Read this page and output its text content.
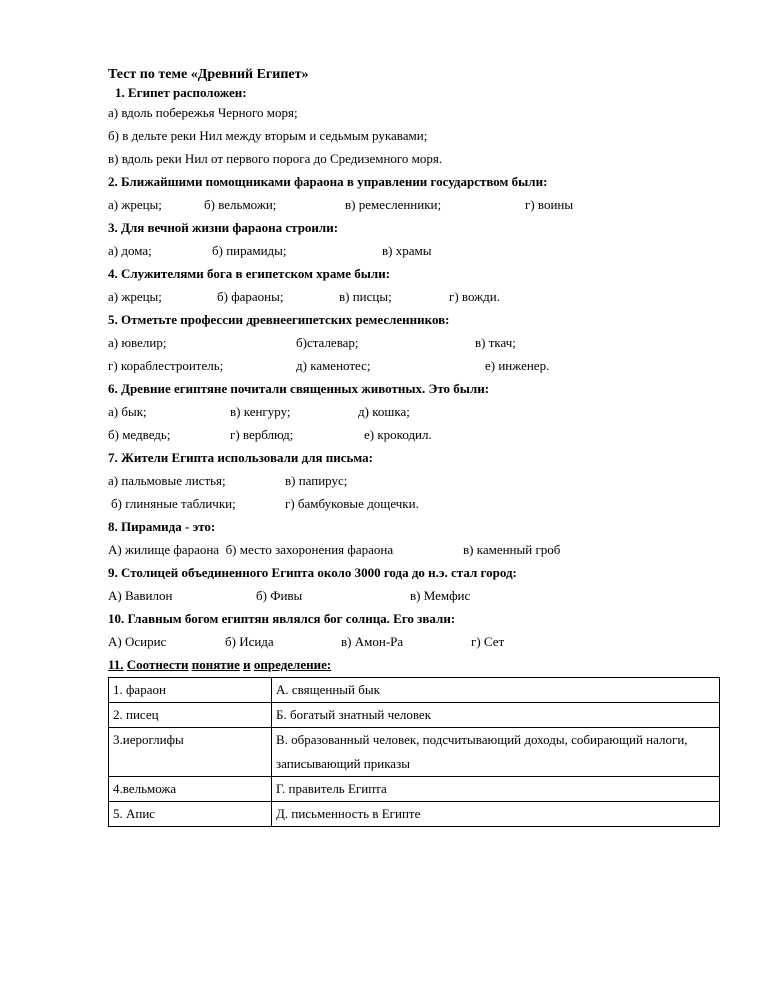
Тест по теме «Древний Египет»
1. Египет расположен:
а) вдоль побережья Черного моря;
б) в дельте реки Нил между вторым и седьмым рукавами;
в) вдоль реки Нил от первого порога до Средиземного моря.
2. Ближайшими помощниками фараона в управлении государством были:
а) жрецы;	б) вельможи;	в) ремесленники;	г) воины
3. Для вечной жизни фараона строили:
а) дома;	б) пирамиды;	в) храмы
4. Служителями бога в египетском храме были:
а) жрецы;	б) фараоны;	в) писцы;	г) вожди.
5. Отметьте профессии древнеегипетских ремесленников:
а) ювелир;	б)сталевар;	в) ткач;
г) кораблестроитель;	д) каменотес;	е) инженер.
6. Древние египтяне почитали священных животных. Это были:
а) бык;	в) кенгуру;	д) кошка;
б) медведь;	г) верблюд;	е) крокодил.
7. Жители Египта использовали для письма:
а) пальмовые листья;	в) папирус;
б) глиняные таблички;	г) бамбуковые дощечки.
8. Пирамида - это:
А) жилище фараона  б) место захоронения фараона	в) каменный гроб
9. Столицей объединенного Египта около 3000 года до н.э. стал город:
А) Вавилон	б) Фивы	в) Мемфис
10. Главным богом египтян являлся бог солнца. Его звали:
А) Осирис	б) Исида	в) Амон-Ра	г) Сет
11. Соотнести понятие и определение:
1. фараон	А. священный бык
2. писец	Б. богатый знатный человек
3.иероглифы	В. образованный человек, подсчитывающий доходы, собирающий налоги,
записывающий приказы

4.вельможа	Г. правитель Египта
5. Апис	Д. письменность в Египте
